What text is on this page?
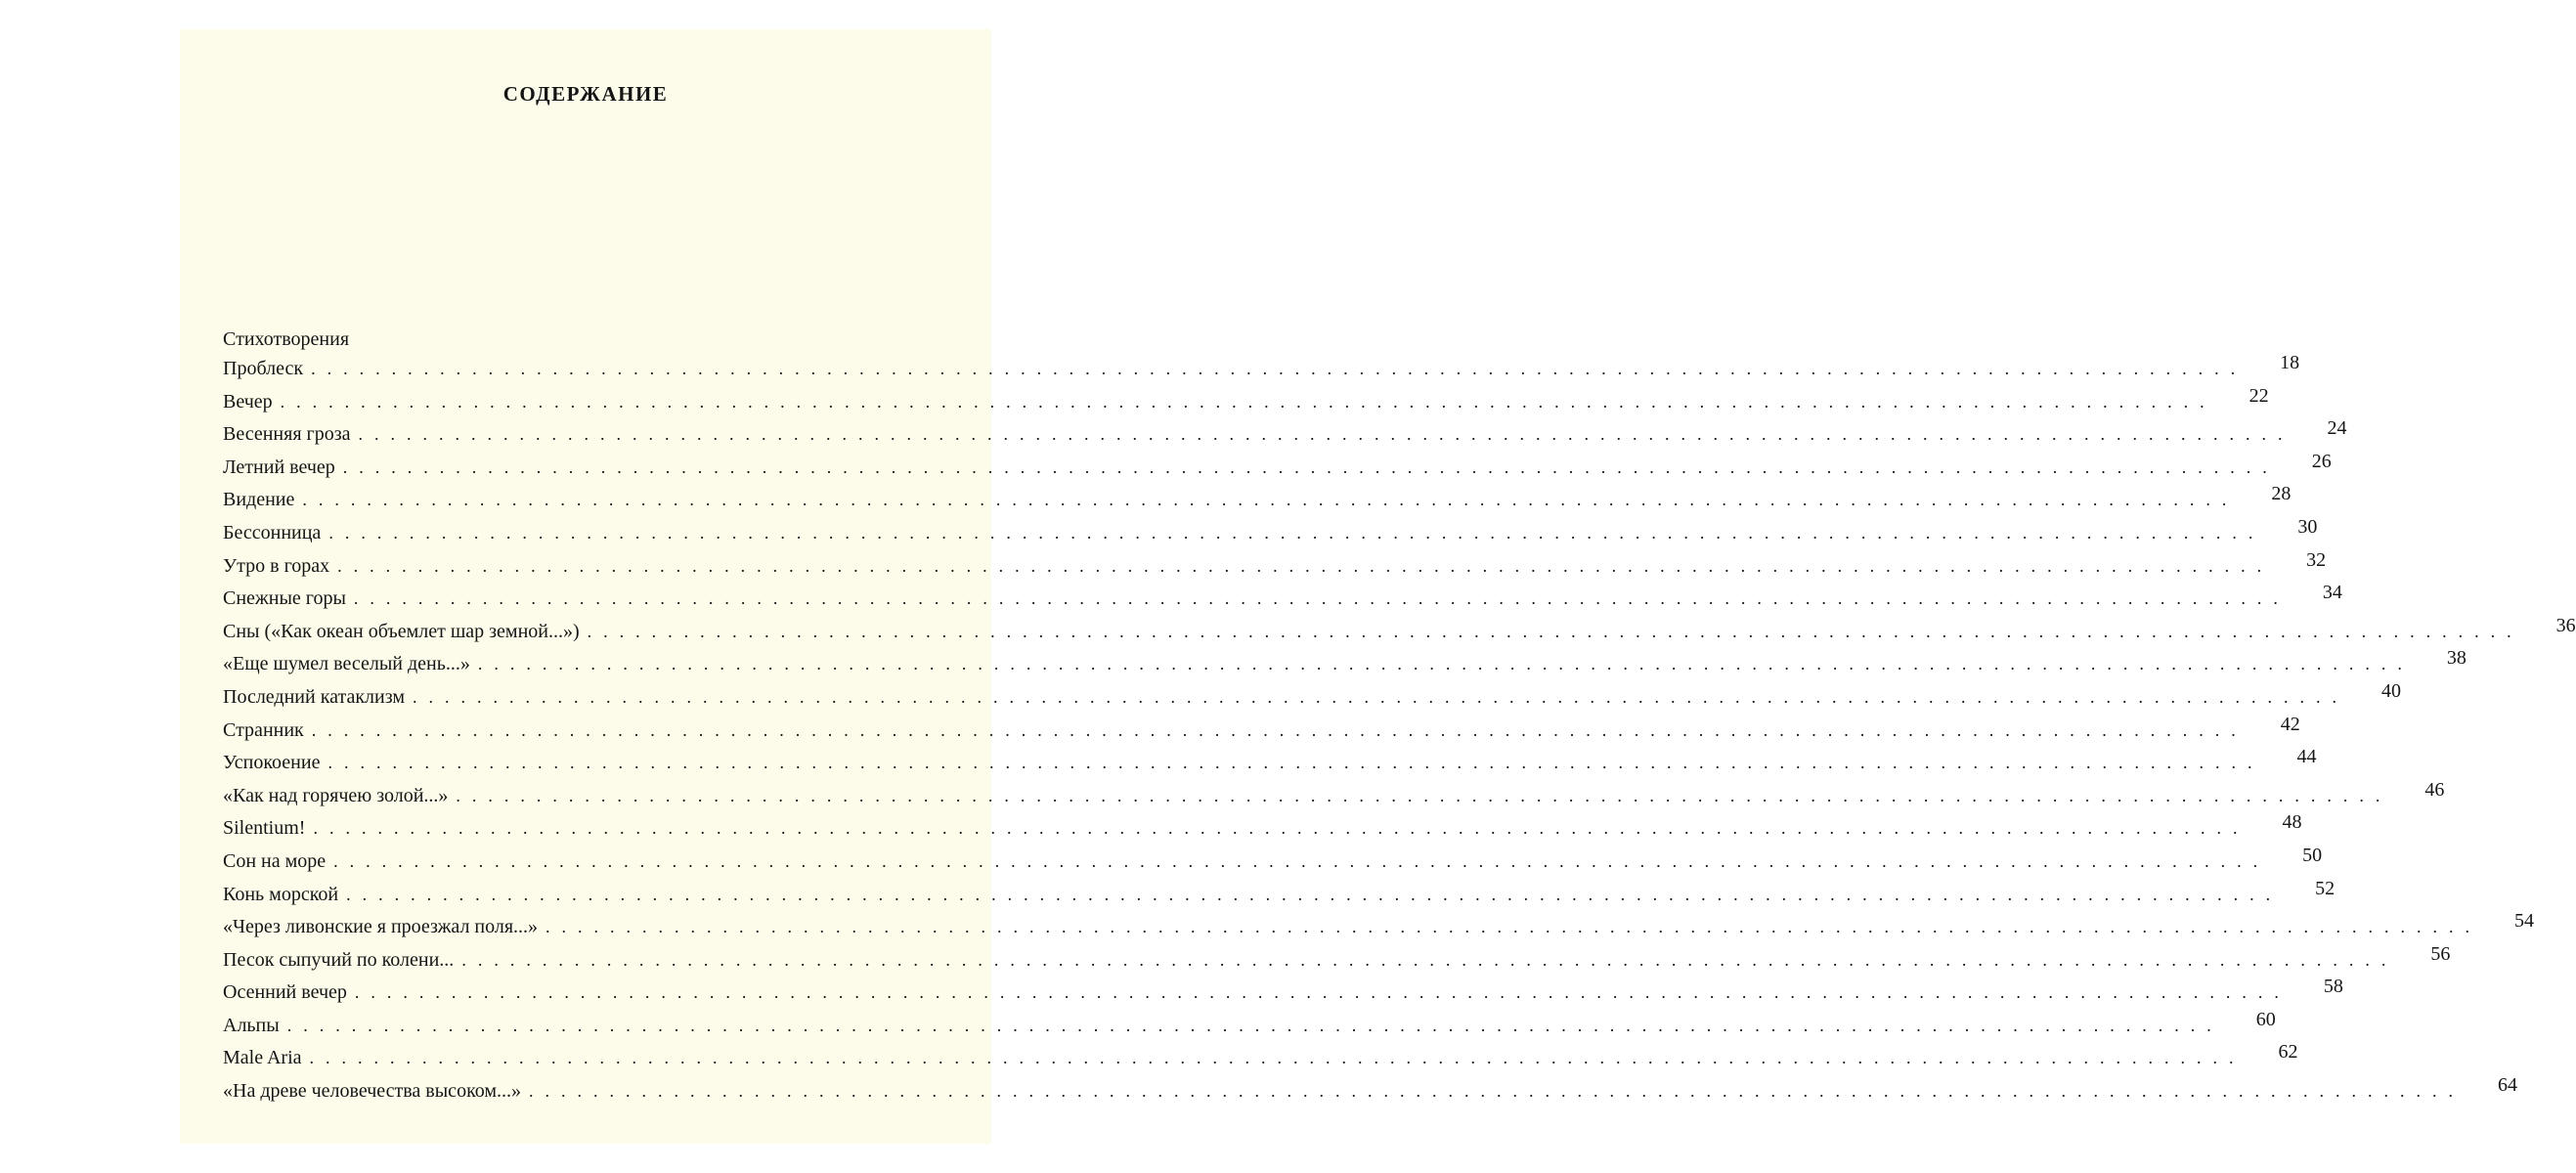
СОДЕРЖАНИЕ
Стихотворения
Проблеск ........................................................................................................................	18
Вечер ........................................................................................................................	22
Весенняя гроза ........................................................................................................................	24
Летний вечер ........................................................................................................................	26
Видение ........................................................................................................................	28
Бессонница ........................................................................................................................	30
Утро в горах ........................................................................................................................	32
Снежные горы ........................................................................................................................	34
Сны («Как океан объемлет шар земной...») ........................................................................................................................	36
«Еще шумел веселый день...» ........................................................................................................................	38
Последний катаклизм ........................................................................................................................	40
Странник ........................................................................................................................	42
Успокоение ........................................................................................................................	44
«Как над горячею золой...» ........................................................................................................................	46
Silentium! ........................................................................................................................	48
Сон на море ........................................................................................................................	50
Конь морской ........................................................................................................................	52
«Через ливонские я проезжал поля...» ........................................................................................................................	54
Песок сыпучий по колени... ........................................................................................................................	56
Осенний вечер ........................................................................................................................	58
Альпы ........................................................................................................................	60
Male Aria ........................................................................................................................	62
«На древе человечества высоком...» ........................................................................................................................	64
